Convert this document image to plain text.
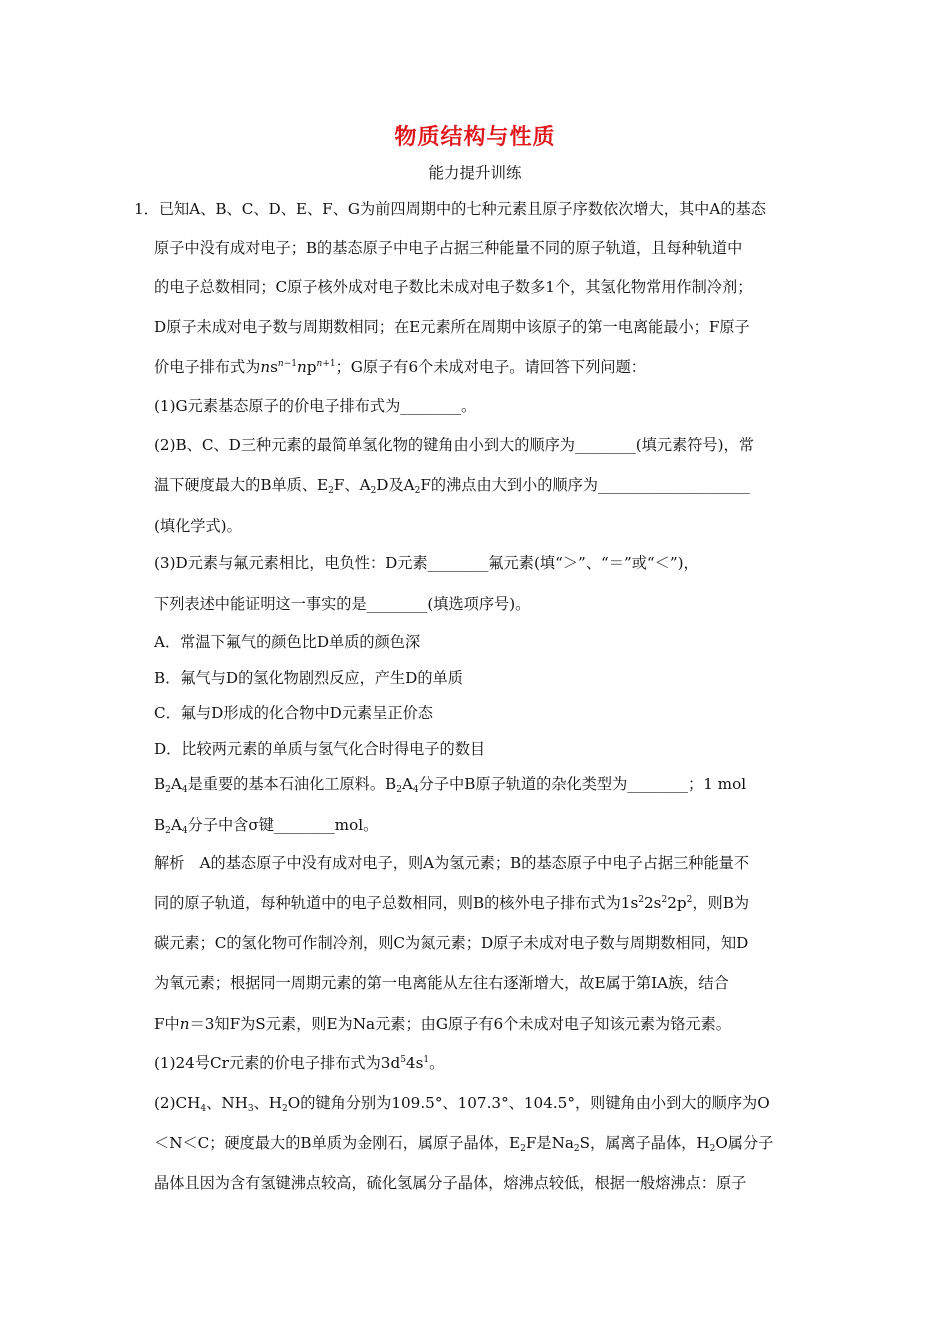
物质结构与性质
能力提升训练
1．已知A、B、C、D、E、F、G为前四周期中的七种元素且原子序数依次增大，其中A的基态
原子中没有成对电子；B的基态原子中电子占据三种能量不同的原子轨道，且每种轨道中
的电子总数相同；C原子核外成对电子数比未成对电子数多1个，其氢化物常用作制冷剂；
D原子未成对电子数与周期数相同；在E元素所在周期中该原子的第一电离能最小；F原子
价电子排布式为$ns^{n-1}np^{n+1}$；G原子有6个未成对电子。请回答下列问题：
(1)G元素基态原子的价电子排布式为________。
(2)B、C、D三种元素的最简单氢化物的键角由小到大的顺序为________(填元素符号)，常
温下硬度最大的B单质、$E_2F$、$A_2D$及$A_2F$的沸点由大到小的顺序为____________________
(填化学式)。
(3)D元素与氟元素相比，电负性：D元素________氟元素(填“＞”、“＝”或“＜”)，
下列表述中能证明这一事实的是________(填选项序号)。
A．常温下氟气的颜色比D单质的颜色深
B．氟气与D的氢化物剧烈反应，产生D的单质
C．氟与D形成的化合物中D元素呈正价态
D．比较两元素的单质与氢气化合时得电子的数目
$B_2A_4$是重要的基本石油化工原料。$B_2A_4$分子中B原子轨道的杂化类型为________；1 mol
$B_2A_4$分子中含σ键________mol。
解析　 A的基态原子中没有成对电子，则A为氢元素；B的基态原子中电子占据三种能量不
同的原子轨道，每种轨道中的电子总数相同，则B的核外电子排布式为$1s^22s^22p^2$，则B为
碳元素；C的氢化物可作制冷剂，则C为氮元素；D原子未成对电子数与周期数相同，知D
为氧元素；根据同一周期元素的第一电离能从左往右逐渐增大，故E属于第ⅠA族，结合
F中n＝3知F为S元素，则E为Na元素；由G原子有6个未成对电子知该元素为铬元素。
(1)24号Cr元素的价电子排布式为$3d^54s^1$。
$(2)CH_4$、$NH_3$、$H_2O$的键角分别为109.5°、107.3°、104.5°，则键角由小到大的顺序为O
＜N＜C；硬度最大的B单质为金刚石，属原子晶体，$E_2F$是$Na_2S$，属离子晶体，$H_2O$属分子
晶体且因为含有氢键沸点较高，硫化氢属分子晶体，熔沸点较低，根据一般熔沸点：原子
